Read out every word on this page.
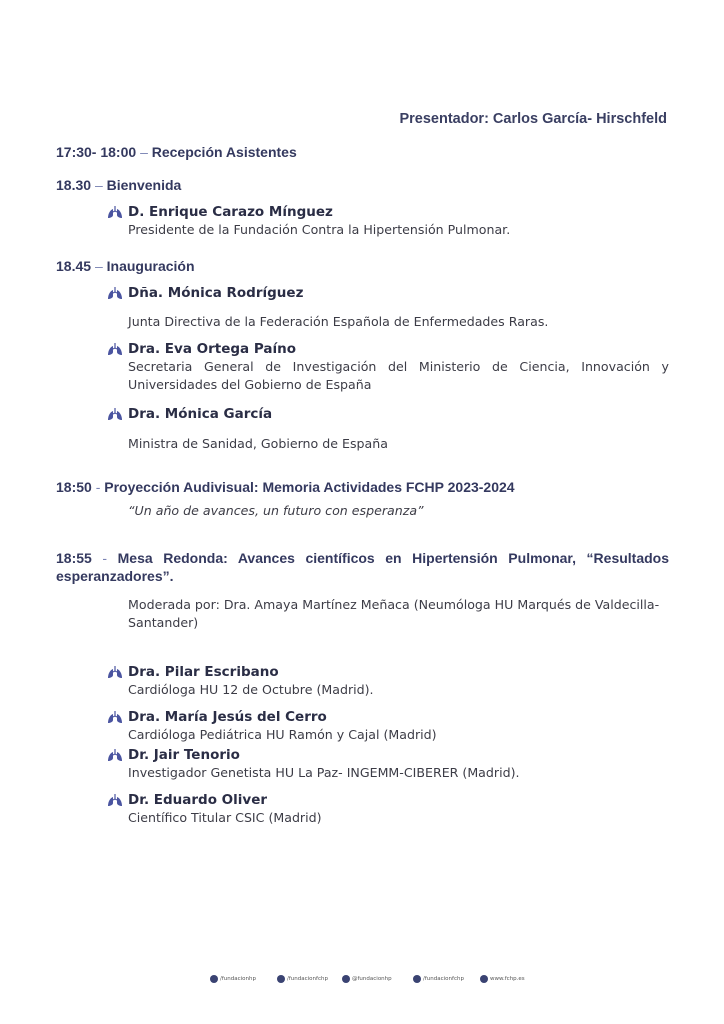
Presentador: Carlos García- Hirschfeld
17:30- 18:00 – Recepción Asistentes
18.30 – Bienvenida
D. Enrique Carazo Mínguez
Presidente de la Fundación Contra la Hipertensión Pulmonar.
18.45 – Inauguración
Dña. Mónica Rodríguez
Junta Directiva de la Federación Española de Enfermedades Raras.
Dra. Eva Ortega Paíno
Secretaria General de Investigación del Ministerio de Ciencia, Innovación y Universidades del Gobierno de España
Dra. Mónica García
Ministra de Sanidad, Gobierno de España
18:50 - Proyección Audivisual: Memoria Actividades FCHP 2023-2024
“Un año de avances, un futuro con esperanza”
18:55 - Mesa Redonda: Avances científicos en Hipertensión Pulmonar, “Resultados esperanzadores”.
Moderada por: Dra. Amaya Martínez Meñaca (Neumóloga HU Marqués de Valdecilla-Santander)
Dra. Pilar Escribano
Cardióloga HU 12 de Octubre (Madrid).
Dra. María Jesús del Cerro
Cardióloga Pediátrica HU Ramón y Cajal (Madrid)
Dr. Jair Tenorio
Investigador Genetista HU La Paz- INGEMM-CIBERER (Madrid).
Dr. Eduardo Oliver
Científico Titular CSIC (Madrid)
/fundacionhp	/fundacionfchp	@fundacionhp	/fundacionfchp	www.fchp.es
